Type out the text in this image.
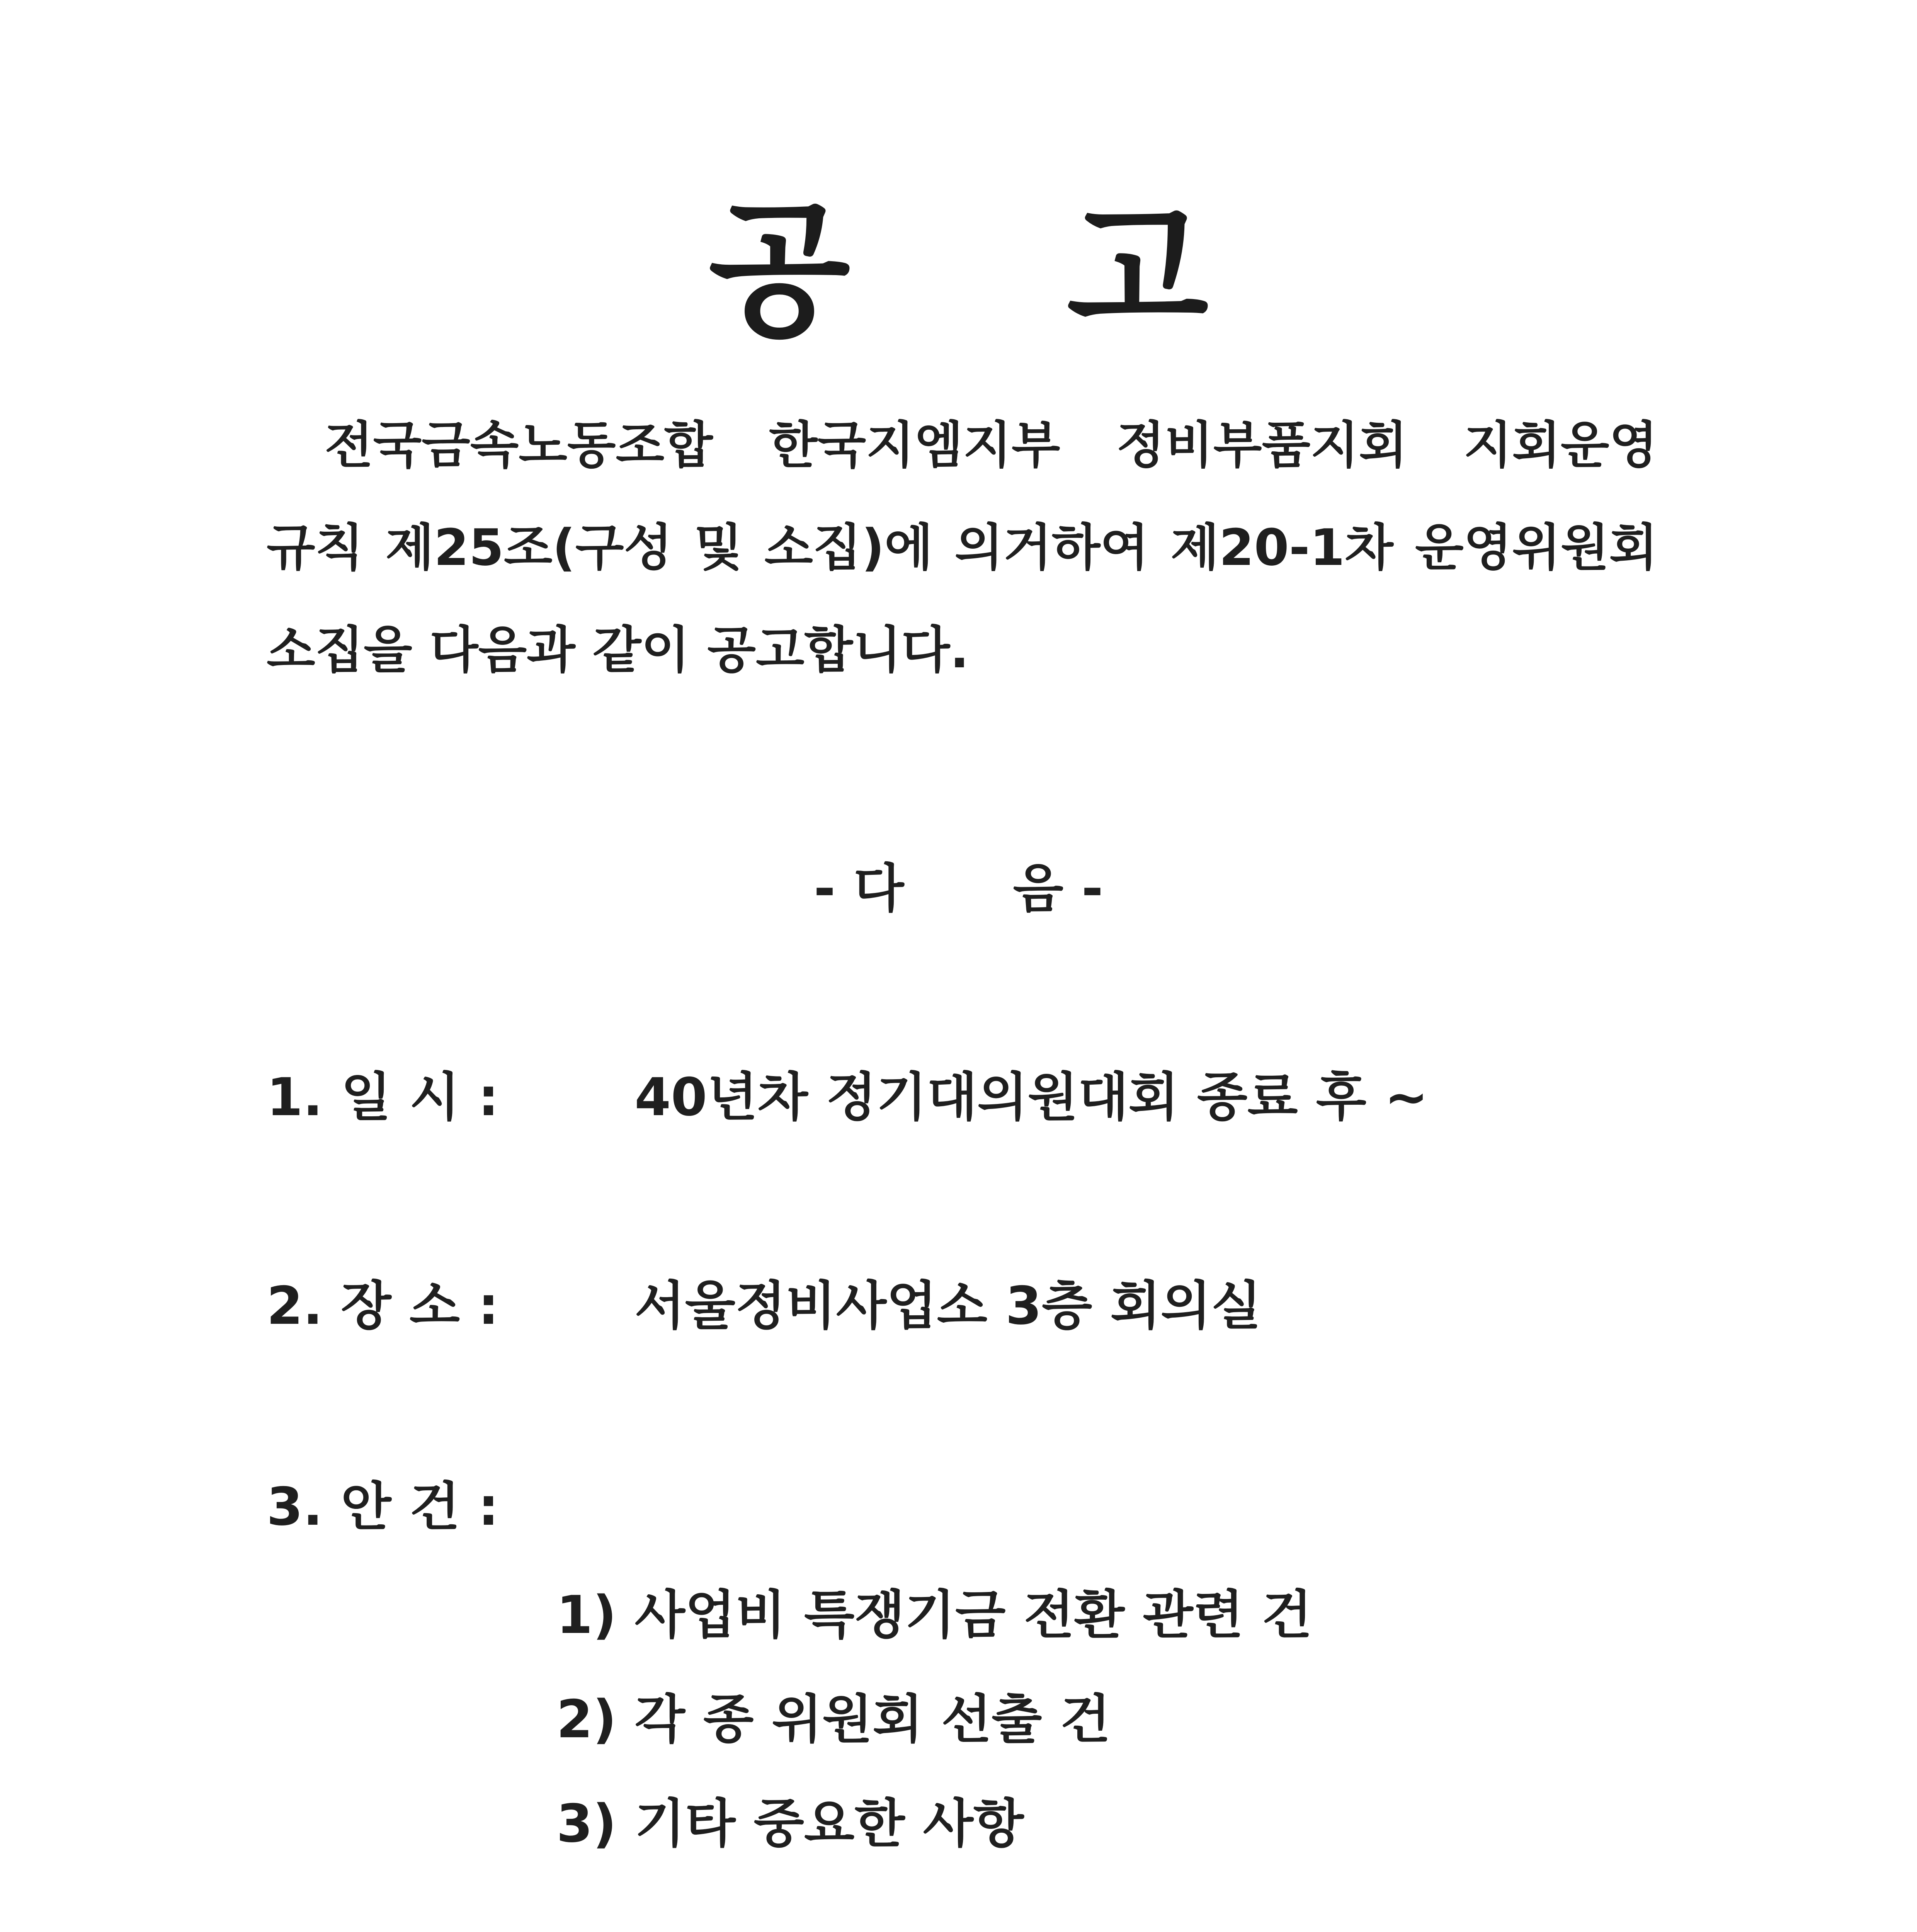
공 고
전국금속노동조합 한국지엠지부 정비부품지회 지회운영
규칙 제25조(구성 및 소집)에 의거하여 제20-1차 운영위원회
소집을 다음과 같이 공고합니다.
- 다      음 -
1. 일 시 :	40년차 정기대의원대회 종료 후 ~
2. 장 소 :	서울정비사업소 3층 회의실
3. 안 건 :
1) 사업비 특쟁기금 전환 관련 건
2) 각 종 위원회 선출 건
3) 기타 중요한 사항
